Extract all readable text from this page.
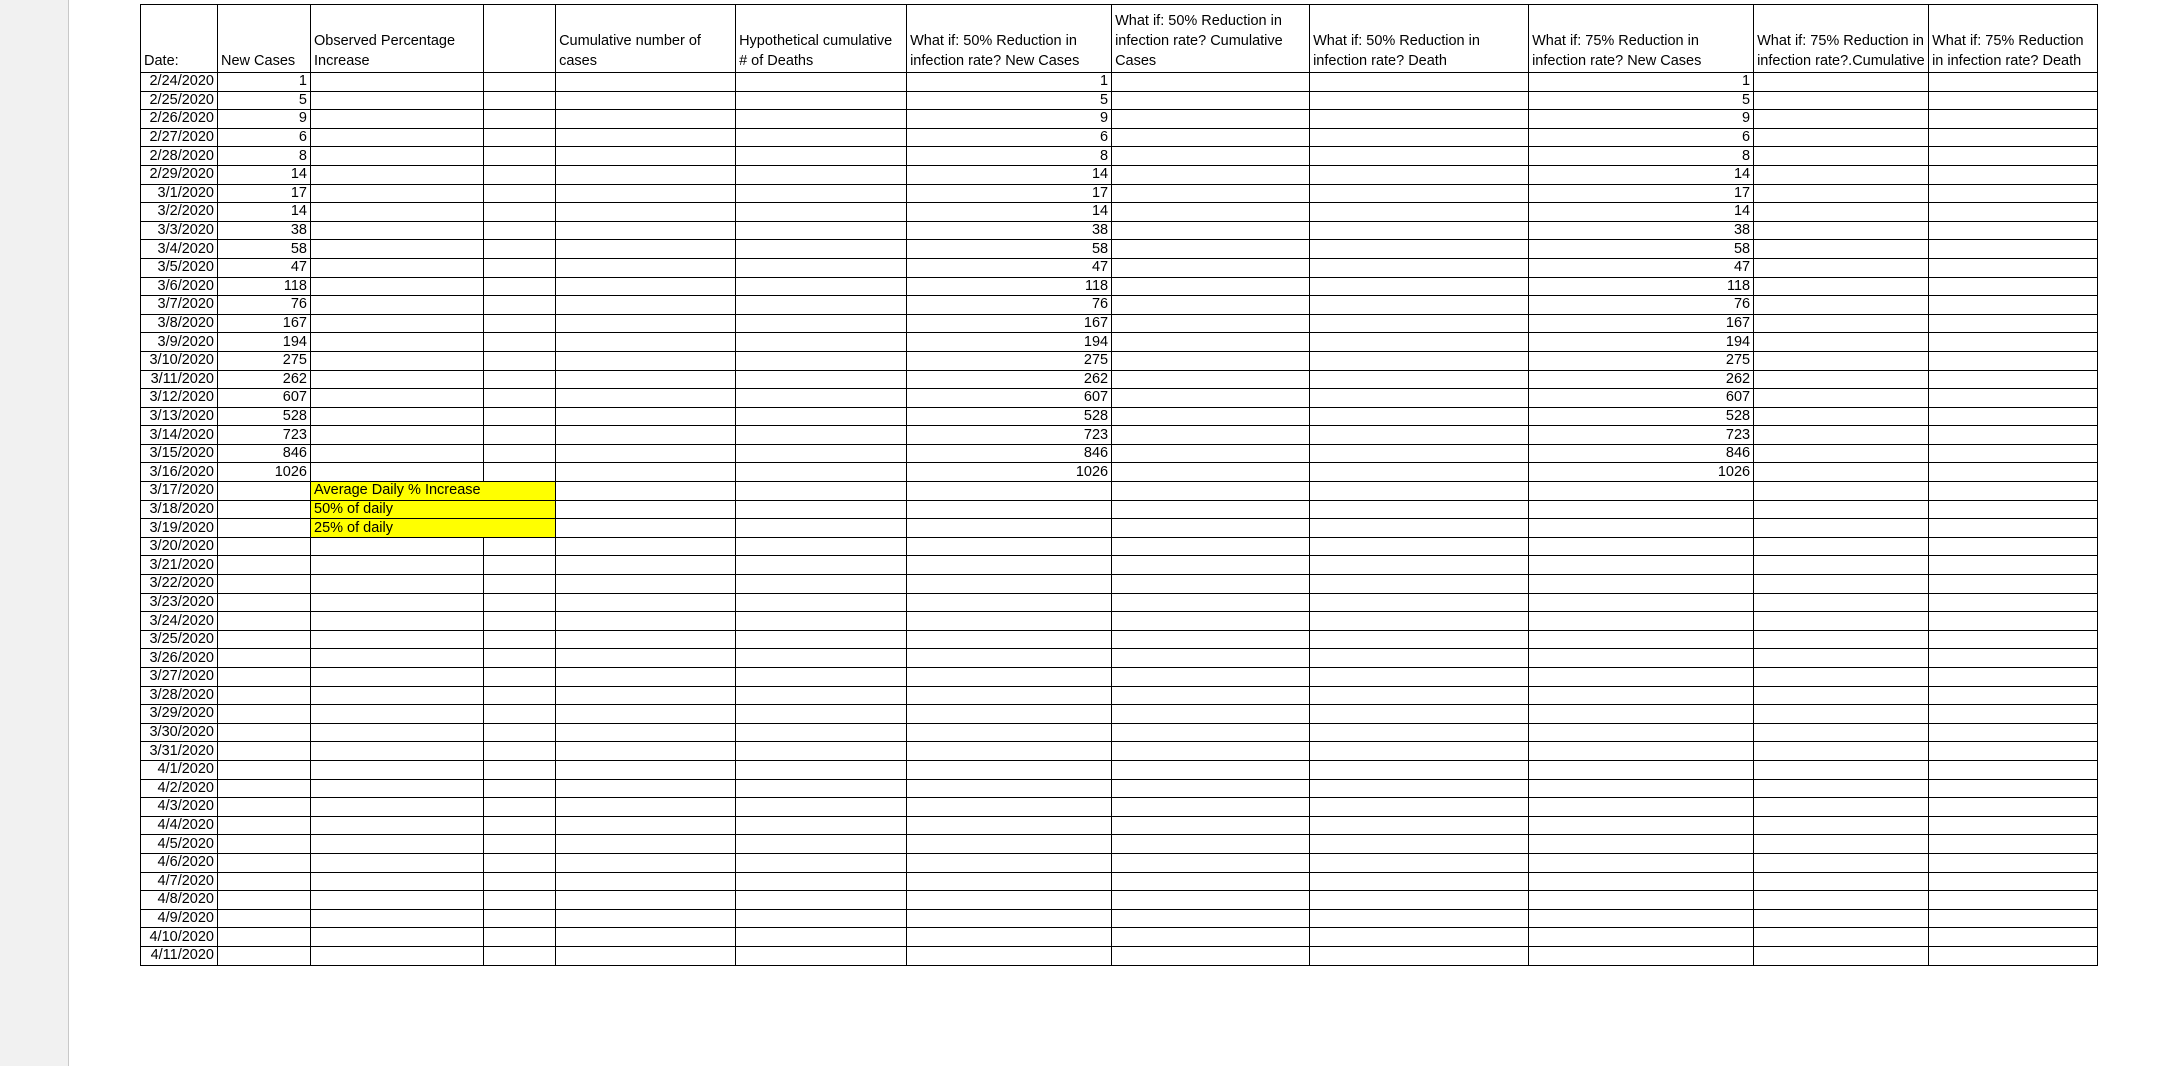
Date:	New Cases	Observed Percentage Increase		Cumulative number of cases	Hypothetical cumulative # of Deaths	What if: 50% Reduction in infection rate? New Cases	What if: 50% Reduction in infection rate? Cumulative Cases	What if: 50% Reduction in infection rate? Death	What if: 75% Reduction in infection rate? New Cases	What if: 75% Reduction in infection rate?.Cumulative	What if: 75% Reduction in infection rate? Death
2/24/2020	1					1			1		
2/25/2020	5					5			5		
2/26/2020	9					9			9		
2/27/2020	6					6			6		
2/28/2020	8					8			8		
2/29/2020	14					14			14		
3/1/2020	17					17			17		
3/2/2020	14					14			14		
3/3/2020	38					38			38		
3/4/2020	58					58			58		
3/5/2020	47					47			47		
3/6/2020	118					118			118		
3/7/2020	76					76			76		
3/8/2020	167					167			167		
3/9/2020	194					194			194		
3/10/2020	275					275			275		
3/11/2020	262					262			262		
3/12/2020	607					607			607		
3/13/2020	528					528			528		
3/14/2020	723					723			723		
3/15/2020	846					846			846		
3/16/2020	1026					1026			1026		
3/17/2020		Average Daily % Increase									
3/18/2020		50% of daily									
3/19/2020		25% of daily									
3/20/2020											
3/21/2020											
3/22/2020											
3/23/2020											
3/24/2020											
3/25/2020											
3/26/2020											
3/27/2020											
3/28/2020											
3/29/2020											
3/30/2020											
3/31/2020											
4/1/2020											
4/2/2020											
4/3/2020											
4/4/2020											
4/5/2020											
4/6/2020											
4/7/2020											
4/8/2020											
4/9/2020											
4/10/2020											
4/11/2020											
